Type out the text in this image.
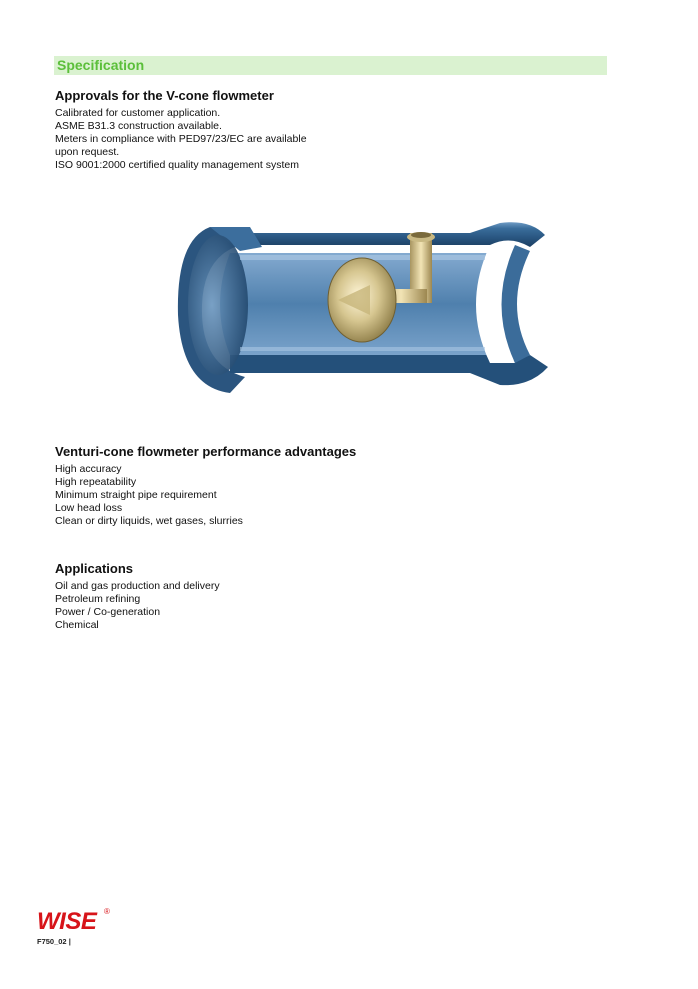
Specification
Approvals for the V-cone flowmeter
Calibrated for customer application.
ASME B31.3 construction available.
Meters in compliance with PED97/23/EC are available
upon request.
ISO 9001:2000 certified quality management system
Venturi-cone flowmeter performance advantages
High accuracy
High repeatability
Minimum straight pipe requirement
Low head loss
Clean or dirty liquids, wet gases, slurries
Applications
Oil and gas production and delivery
Petroleum refining
Power / Co-generation
Chemical
WISE ®
F750_02 |
